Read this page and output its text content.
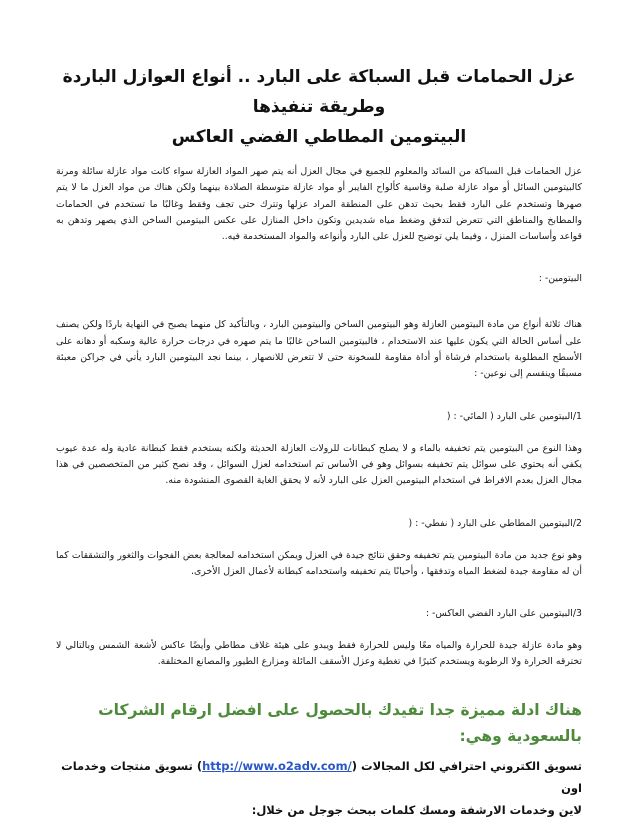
عزل الحمامات قبل السباكة على البارد .. أنواع العوازل الباردة وطريقة تنفيذها
البيتومين المطاطي الفضي العاكس

عزل الحمامات قبل السباكة من السائد والمعلوم للجميع في مجال العزل أنه يتم صهر المواد العازلة سواء كانت مواد عازلة سائلة ومرنة كالبيتومين السائل أو مواد عازلة صلبة وقاسية كألواح الفايبر أو مواد عازلة متوسطة الصلادة بينهما ولكن هناك من مواد العزل ما لا يتم صهرها وتستخدم على البارد فقط بحيث تدهن على المنطقة المراد عزلها وتترك حتى تجف وفقط وغالبًا ما تستخدم في الحمامات والمطابخ والمناطق التي تتعرض لتدفق وضغط مياه شديدين وتكون داخل المنازل على عكس البيتومين الساخن الذي يصهر وتدهن به قواعد وأساسات المنزل ، وفيما يلي توضيح للعزل على البارد وأنواعه والمواد المستخدمة فيه..

البيتومين- :

هناك ثلاثة أنواع من مادة البيتومين العازلة وهو البيتومين الساخن والبيتومين البارد ، وبالتأكيد كل منهما يصبح في النهاية باردًا ولكن يصنف على أساس الحالة التي يكون عليها عند الاستخدام ، فالبيتومين الساخن غالبًا ما يتم صهره في درجات حرارة عالية وسكبه أو دهانه على الأسطح المطلوبة باستخدام فرشاة أو أداة مقاومة للسخونة حتى لا تتعرض للانصهار ، بينما نجد البيتومين البارد يأتي في جراكن معبئة مسبقًا وينقسم إلى نوعين- :

1/البيتومين على البارد ( المائي- : (

وهذا النوع من البيتومين يتم تخفيفه بالماء و لا يصلح كبطانات للرولات العازلة الحديثة ولكنه يستخدم فقط كبطانة عادية وله عدة عيوب يكفي أنه يحتوي على سوائل يتم تخفيفه بسوائل وهو في الأساس تم استخدامه لعزل السوائل ، وقد نصح كثير من المتخصصين في هذا مجال العزل بعدم الافراط في استخدام البيتومين العزل على البارد لأنه لا يحقق الغاية القصوى المنشودة منه.

2/البيتومين المطاطي على البارد ( نفطي- : (

وهو نوع جديد من مادة البيتومين يتم تخفيفه وحقق نتائج جيدة في العزل ويمكن استخدامه لمعالجة بعض الفجوات والثغور والتشققات كما أن له مقاومة جيدة لضغط المياه وتدفقها ، وأحيانًا يتم تخفيفه واستخدامه كبطانة لأعمال العزل الأخرى.

3/البيتومين على البارد الفضي العاكس- :

وهو مادة عازلة جيدة للحرارة والمياه معًا وليس للحرارة فقط ويبدو على هيئة غلاف مطاطي وأيضًا عاكس لأشعة الشمس وبالتالي لا تخترقه الحرارة ولا الرطوبة ويستخدم كثيرًا في تغطية وعزل الأسقف المائلة ومزارع الطيور والمصانع المختلفة.

هناك ادلة مميزة جدا تفيدك بالحصول على افضل ارقام الشركات بالسعودية وهي:

تسويق الكتروني احترافي لكل المجالات (http://www.o2adv.com/) تسويق منتجات وخدمات اون
لاين وخدمات الارشفة ومسك كلمات ببحث جوجل من خلال:
